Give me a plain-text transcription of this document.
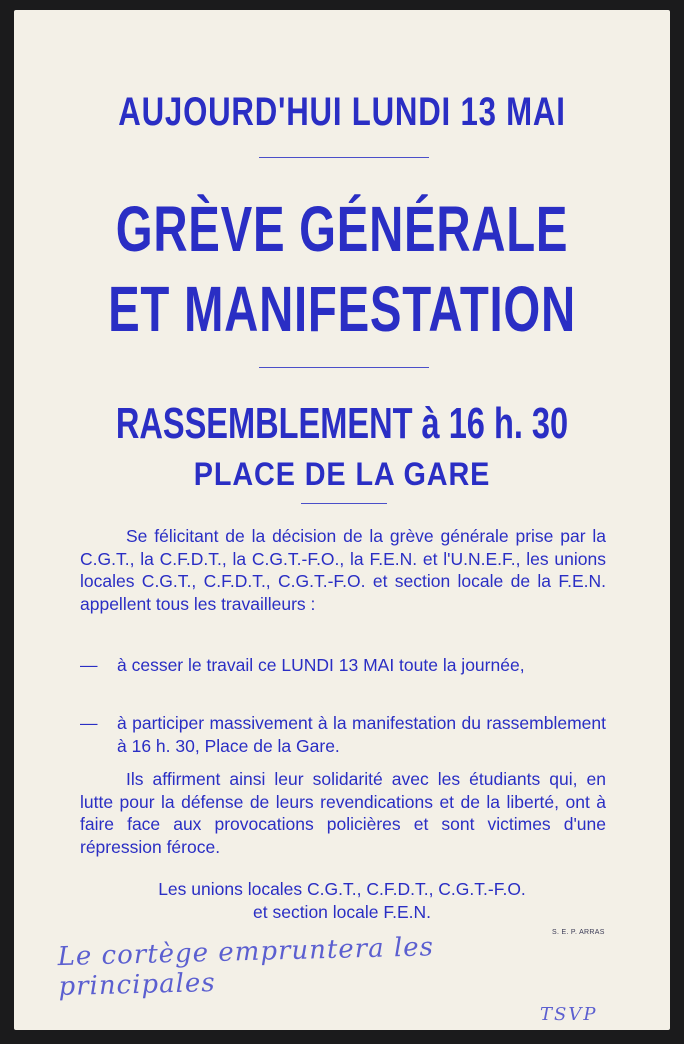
AUJOURD'HUI LUNDI 13 MAI
GRÈVE GÉNÉRALE
ET MANIFESTATION
RASSEMBLEMENT à 16 h. 30
PLACE DE LA GARE

Se félicitant de la décision de la grève générale prise par la C.G.T., la C.F.D.T., la C.G.T.-F.O., la F.E.N. et l'U.N.E.F., les unions locales C.G.T., C.F.D.T., C.G.T.-F.O. et section locale de la F.E.N. appellent tous les travailleurs :

— à cesser le travail ce LUNDI 13 MAI toute la journée,
— à participer massivement à la manifestation du rassemblement à 16 h. 30, Place de la Gare.

Ils affirment ainsi leur solidarité avec les étudiants qui, en lutte pour la défense de leurs revendications et de la liberté, ont à faire face aux provocations policières et sont victimes d'une répression féroce.

Les unions locales C.G.T., C.F.D.T., C.G.T.-F.O.

et section locale F.E.N.

S. E. P. ARRAS
Le cortège empruntera les principales
TSVP
